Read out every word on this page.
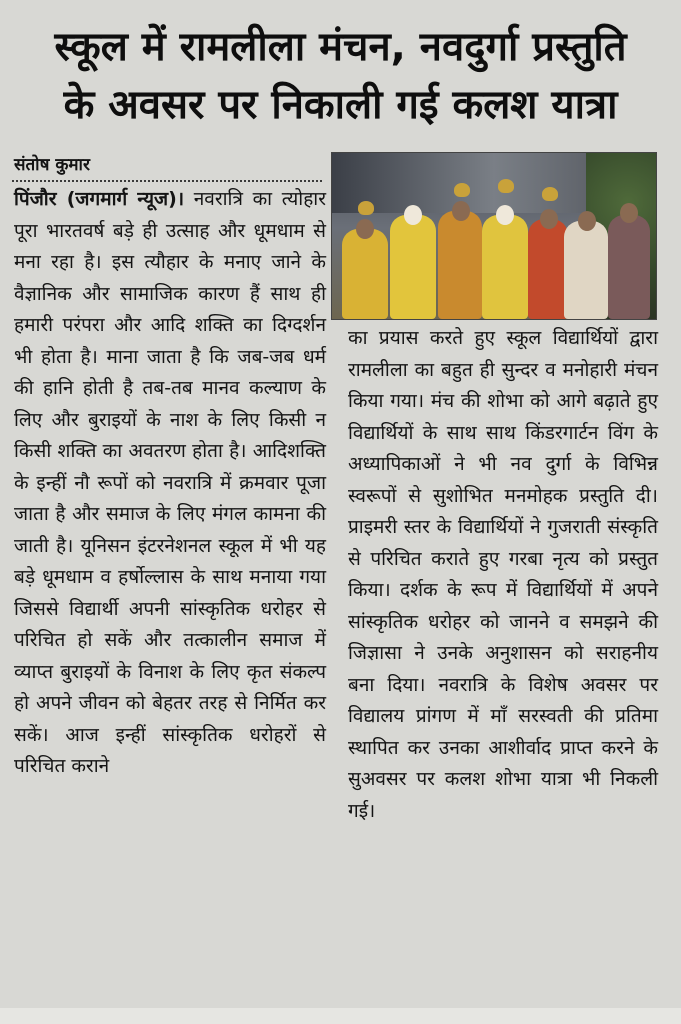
स्कूल में रामलीला मंचन, नवदुर्गा प्रस्तुति
के अवसर पर निकाली गई कलश यात्रा
संतोष कुमार
पिंजौर (जगमार्ग न्यूज)। नवरात्रि का त्योहार पूरा भारतवर्ष बड़े ही उत्साह और धूमधाम से मना रहा है। इस त्यौहार के मनाए जाने के वैज्ञानिक और सामाजिक कारण हैं साथ ही हमारी परंपरा और आदि शक्ति का दिग्दर्शन भी होता है। माना जाता है कि जब-जब धर्म की हानि होती है तब-तब मानव कल्याण के लिए और बुराइयों के नाश के लिए किसी न किसी शक्ति का अवतरण होता है। आदिशक्ति के इन्हीं नौ रूपों को नवरात्रि में क्रमवार पूजा जाता है और समाज के लिए मंगल कामना की जाती है। यूनिसन इंटरनेशनल स्कूल में भी यह बड़े धूमधाम व हर्षोल्लास के साथ मनाया गया जिससे विद्यार्थी अपनी सांस्कृतिक धरोहर से परिचित हो सकें और तत्कालीन समाज में व्याप्त बुराइयों के विनाश के लिए कृत संकल्प हो अपने जीवन को बेहतर तरह से निर्मित कर सकें। आज इन्हीं सांस्कृतिक धरोहरों से परिचित कराने
का प्रयास करते हुए स्कूल विद्यार्थियों द्वारा रामलीला का बहुत ही सुन्दर व मनोहारी मंचन किया गया। मंच की शोभा को आगे बढ़ाते हुए विद्यार्थियों के साथ साथ किंडरगार्टन विंग के अध्यापिकाओं ने भी नव दुर्गा के विभिन्न स्वरूपों से सुशोभित मनमोहक प्रस्तुति दी। प्राइमरी स्तर के विद्यार्थियों ने गुजराती संस्कृति से परिचित कराते हुए गरबा नृत्य को प्रस्तुत किया। दर्शक के रूप में विद्यार्थियों में अपने सांस्कृतिक धरोहर को जानने व समझने की जिज्ञासा ने उनके अनुशासन को सराहनीय बना दिया। नवरात्रि के विशेष अवसर पर विद्यालय प्रांगण में माँ सरस्वती की प्रतिमा स्थापित कर उनका आशीर्वाद प्राप्त करने के सुअवसर पर कलश शोभा यात्रा भी निकली गई।
